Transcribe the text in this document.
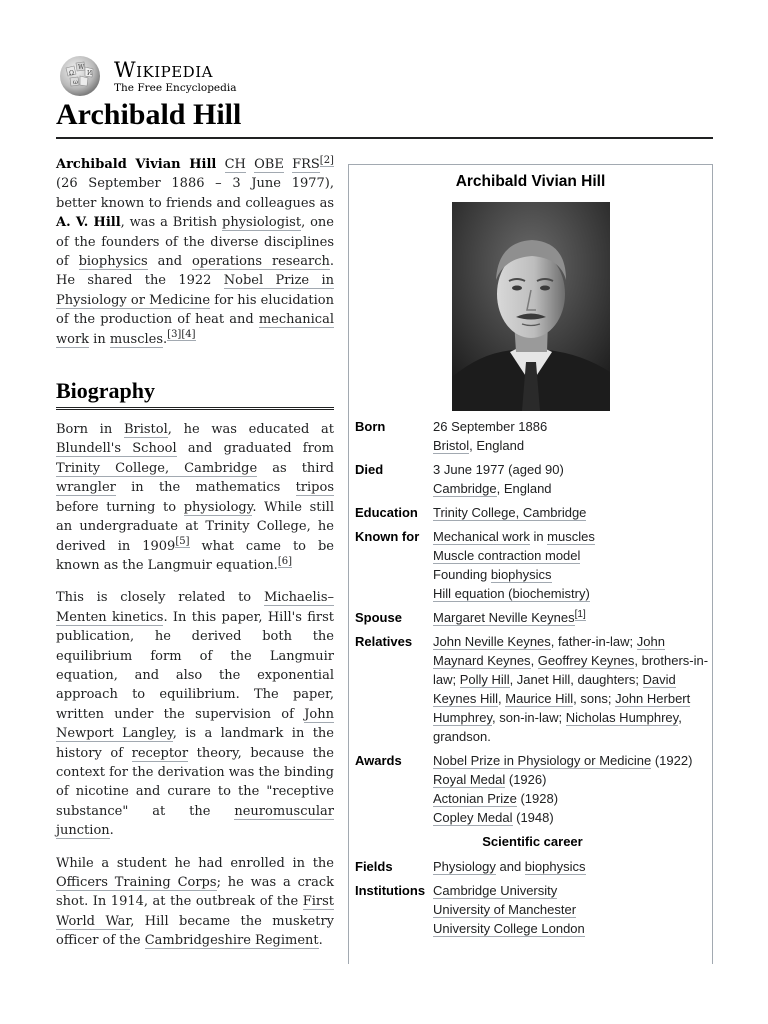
Ω
W
И
ω
Wikipedia
The Free Encyclopedia
Archibald Hill

Archibald Vivian Hill CH OBE FRS[2] (26 September 1886 – 3 June 1977), better known to friends and colleagues as A. V. Hill, was a British physiologist, one of the founders of the diverse disciplines of biophysics and operations research. He shared the 1922 Nobel Prize in Physiology or Medicine for his elucidation of the production of heat and mechanical work in muscles.[3][4]

Biography

Born in Bristol, he was educated at Blundell's School and graduated from Trinity College, Cambridge as third wrangler in the mathematics tripos before turning to physiology. While still an undergraduate at Trinity College, he derived in 1909[5] what came to be known as the Langmuir equation.[6]

This is closely related to Michaelis–Menten kinetics. In this paper, Hill's first publication, he derived both the equilibrium form of the Langmuir equation, and also the exponential approach to equilibrium. The paper, written under the supervision of John Newport Langley, is a landmark in the history of receptor theory, because the context for the derivation was the binding of nicotine and curare to the "receptive substance" at the neuromuscular junction.

While a student he had enrolled in the Officers Training Corps; he was a crack shot. In 1914, at the outbreak of the First World War, Hill became the musketry officer of the Cambridgeshire Regiment.

Archibald Vivian Hill
Born	26 September 1886
Bristol, England

Died	3 June 1977 (aged 90)
Cambridge, England

Education	Trinity College, Cambridge
Known for	Mechanical work in muscles
Muscle contraction model
Founding biophysics
Hill equation (biochemistry)

Spouse	Margaret Neville Keynes[1]
Relatives	John Neville Keynes, father-in-law; John Maynard Keynes, Geoffrey Keynes, brothers-in-law; Polly Hill, Janet Hill, daughters; David Keynes Hill, Maurice Hill, sons; John Herbert Humphrey, son-in-law; Nicholas Humphrey, grandson.
Awards	Nobel Prize in Physiology or Medicine (1922)
Royal Medal (1926)
Actonian Prize (1928)
Copley Medal (1948)

Scientific career	
Fields	Physiology and biophysics
Institutions	Cambridge University
University of Manchester
University College London
